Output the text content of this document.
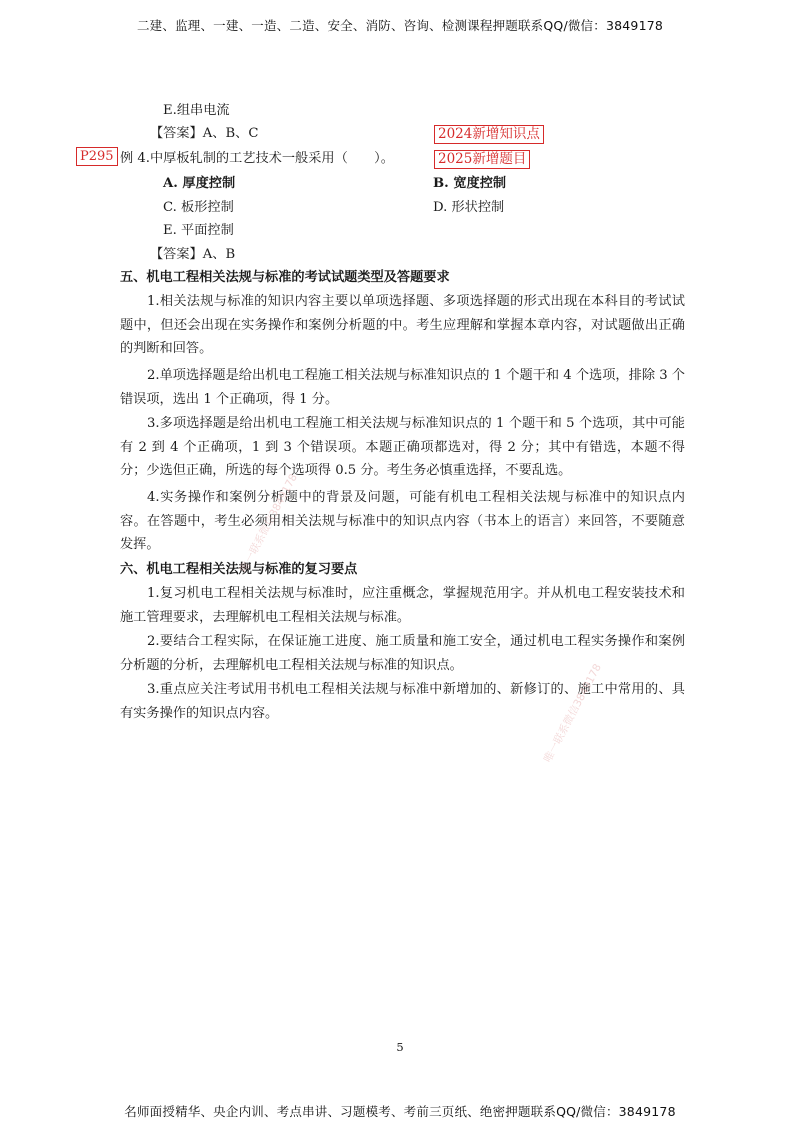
二建、监理、一建、一造、二造、安全、消防、咨询、检测课程押题联系QQ/微信：3849178
E.组串电流
【答案】A、B、C	2024新增知识点
2025新增题目
P295 例 4.中厚板轧制的工艺技术一般采用（　　）。
A. 厚度控制	B. 宽度控制
C. 板形控制	D. 形状控制
E. 平面控制
【答案】A、B
五、机电工程相关法规与标准的考试试题类型及答题要求
1.相关法规与标准的知识内容主要以单项选择题、多项选择题的形式出现在本科目的考试试题中，但还会出现在实务操作和案例分析题的中。考生应理解和掌握本章内容，对试题做出正确的判断和回答。
2.单项选择题是给出机电工程施工相关法规与标准知识点的 1 个题干和 4 个选项，排除 3 个错误项，选出 1 个正确项，得 1 分。
3.多项选择题是给出机电工程施工相关法规与标准知识点的 1 个题干和 5 个选项，其中可能有 2 到 4 个正确项，1 到 3 个错误项。本题正确项都选对，得 2 分；其中有错选，本题不得分；少选但正确，所选的每个选项得 0.5 分。考生务必慎重选择，不要乱选。
4.实务操作和案例分析题中的背景及问题，可能有机电工程相关法规与标准中的知识点内容。在答题中，考生必须用相关法规与标准中的知识点内容（书本上的语言）来回答，不要随意发挥。
六、机电工程相关法规与标准的复习要点
1.复习机电工程相关法规与标准时，应注重概念，掌握规范用字。并从机电工程安装技术和施工管理要求，去理解机电工程相关法规与标准。
2.要结合工程实际，在保证施工进度、施工质量和施工安全，通过机电工程实务操作和案例分析题的分析，去理解机电工程相关法规与标准的知识点。
3.重点应关注考试用书机电工程相关法规与标准中新增加的、新修订的、施工中常用的、具有实务操作的知识点内容。
唯一联系微信3849178
唯一联系微信3849178
5
名师面授精华、央企内训、考点串讲、习题模考、考前三页纸、绝密押题联系QQ/微信：3849178
